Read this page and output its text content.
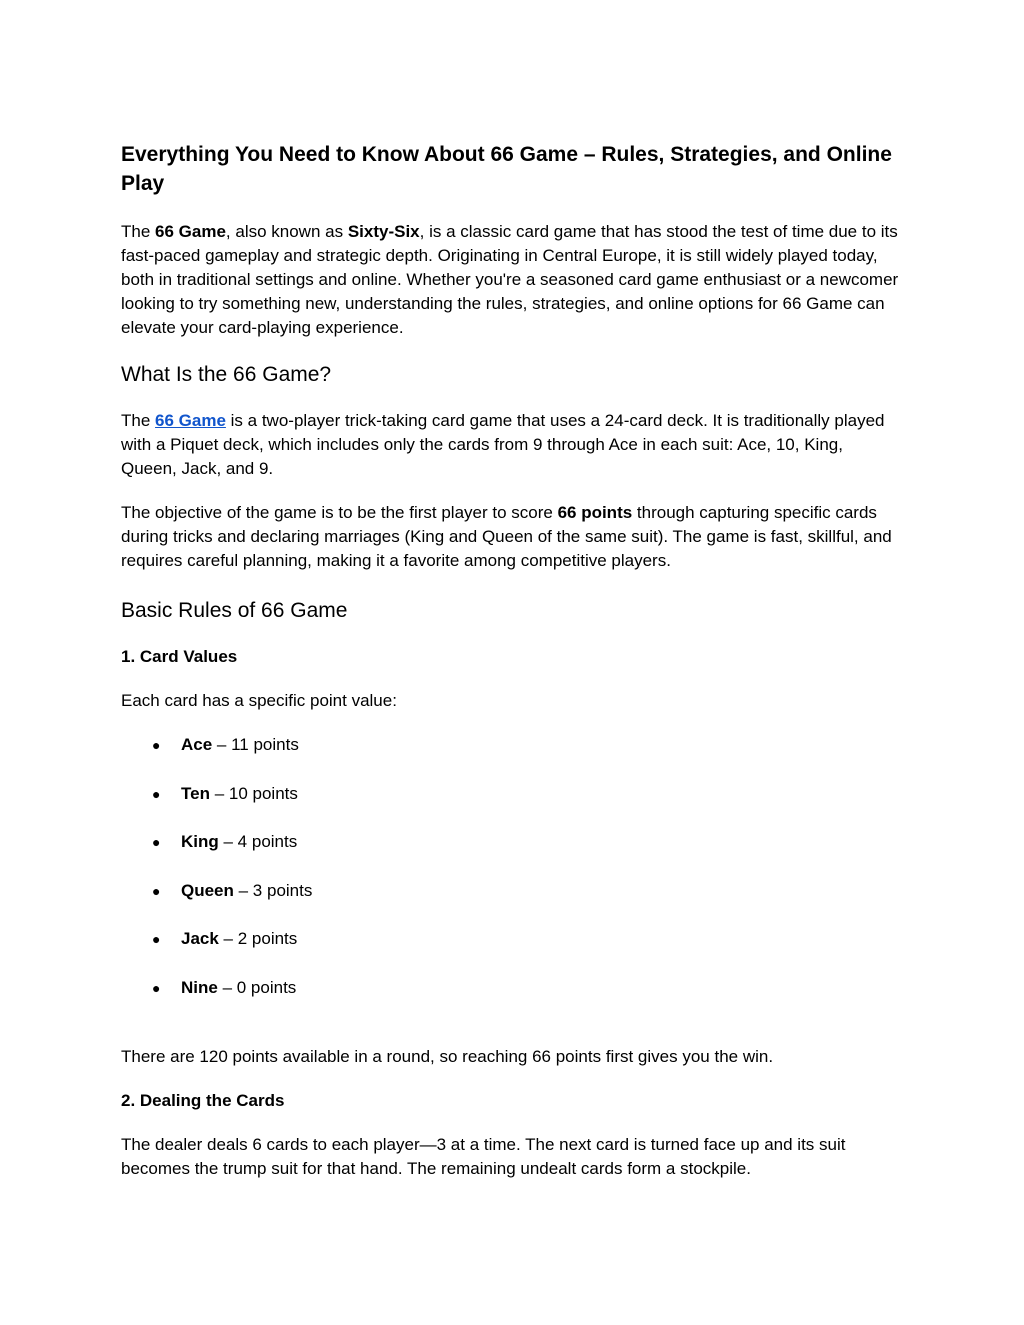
Everything You Need to Know About 66 Game – Rules, Strategies, and Online Play

The 66 Game, also known as Sixty-Six, is a classic card game that has stood the test of time due to its fast-paced gameplay and strategic depth. Originating in Central Europe, it is still widely played today, both in traditional settings and online. Whether you're a seasoned card game enthusiast or a newcomer looking to try something new, understanding the rules, strategies, and online options for 66 Game can elevate your card-playing experience.

What Is the 66 Game?

The 66 Game is a two-player trick-taking card game that uses a 24-card deck. It is traditionally played with a Piquet deck, which includes only the cards from 9 through Ace in each suit: Ace, 10, King, Queen, Jack, and 9.

The objective of the game is to be the first player to score 66 points through capturing specific cards during tricks and declaring marriages (King and Queen of the same suit). The game is fast, skillful, and requires careful planning, making it a favorite among competitive players.

Basic Rules of 66 Game
1. Card Values

Each card has a specific point value:

● Ace – 11 points
● Ten – 10 points
● King – 4 points
● Queen – 3 points
● Jack – 2 points
● Nine – 0 points

There are 120 points available in a round, so reaching 66 points first gives you the win.

2. Dealing the Cards

The dealer deals 6 cards to each player—3 at a time. The next card is turned face up and its suit becomes the trump suit for that hand. The remaining undealt cards form a stockpile.
